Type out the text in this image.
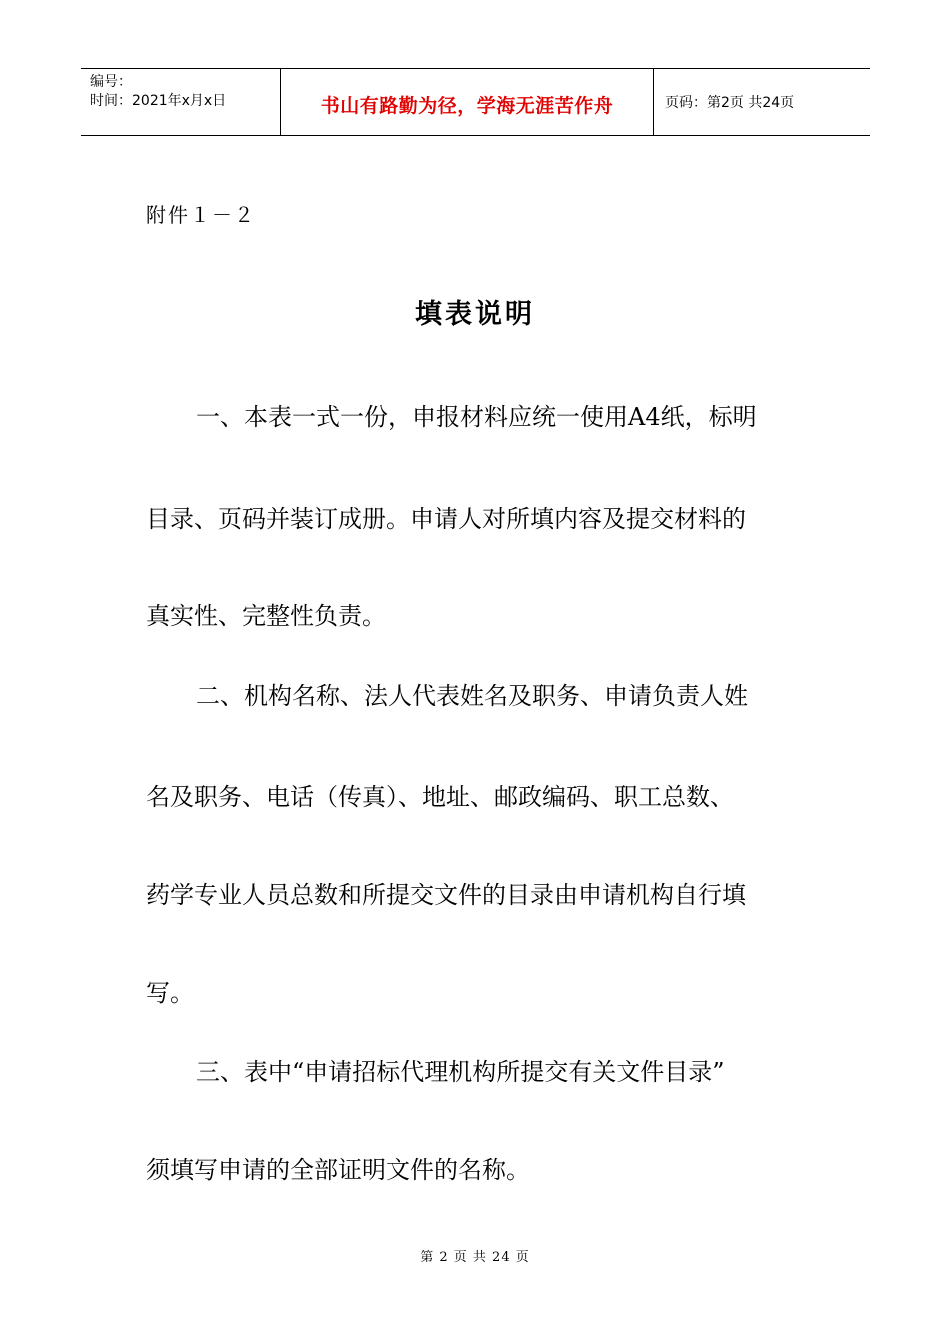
编号：
时间：2021年x月x日	书山有路勤为径，学海无涯苦作舟	页码：第2页 共24页
附件１－２
填表说明
一、本表一式一份，申报材料应统一使用A4纸，标明
目录、页码并装订成册。申请人对所填内容及提交材料的
真实性、完整性负责。
二、机构名称、法人代表姓名及职务、申请负责人姓
名及职务、电话（传真）、地址、邮政编码、职工总数、
药学专业人员总数和所提交文件的目录由申请机构自行填
写。
三、表中“申请招标代理机构所提交有关文件目录”
须填写申请的全部证明文件的名称。
第 2 页 共 24 页
